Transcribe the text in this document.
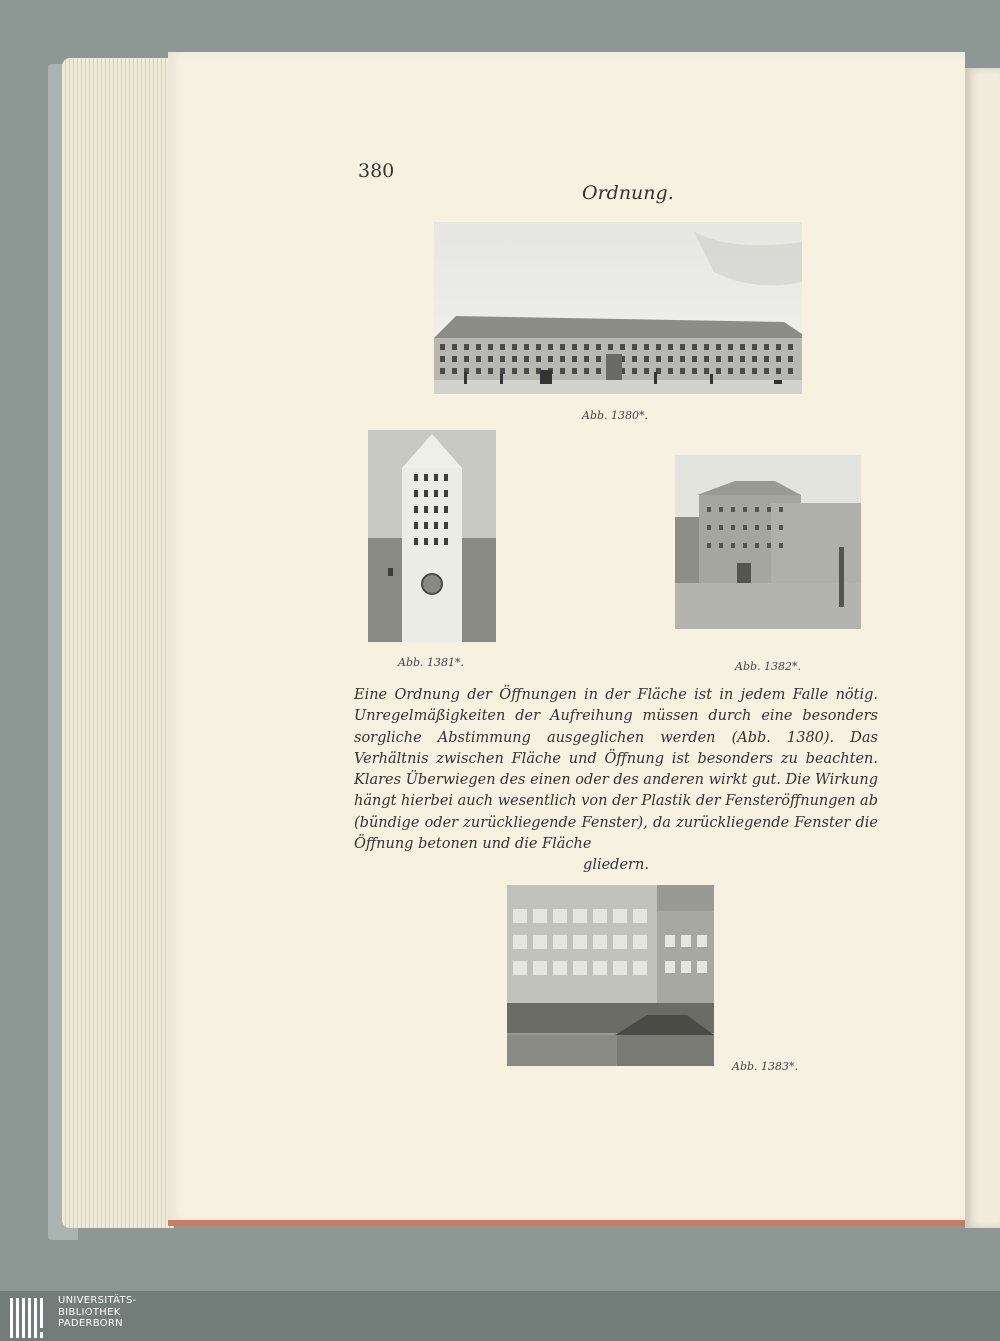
380
Ordnung.
Abb. 1380*.
Abb. 1381*.	Abb. 1382*.
Eine Ordnung der Öffnungen in der Fläche ist in jedem Falle nötig. Unregelmäßigkeiten der Aufreihung müssen durch eine besonders sorgliche Abstimmung ausgeglichen werden (Abb. 1380). Das Verhältnis zwischen Fläche und Öffnung ist besonders zu beachten. Klares Überwiegen des einen oder des anderen wirkt gut. Die Wirkung hängt hierbei auch wesentlich von der Plastik der Fensteröffnungen ab (bündige oder zurückliegende Fenster), da zurückliegende Fenster die Öffnung betonen und die Fläche
gliedern.
Abb. 1383*.
UNIVERSITÄTS-
BIBLIOTHEK
PADERBORN
